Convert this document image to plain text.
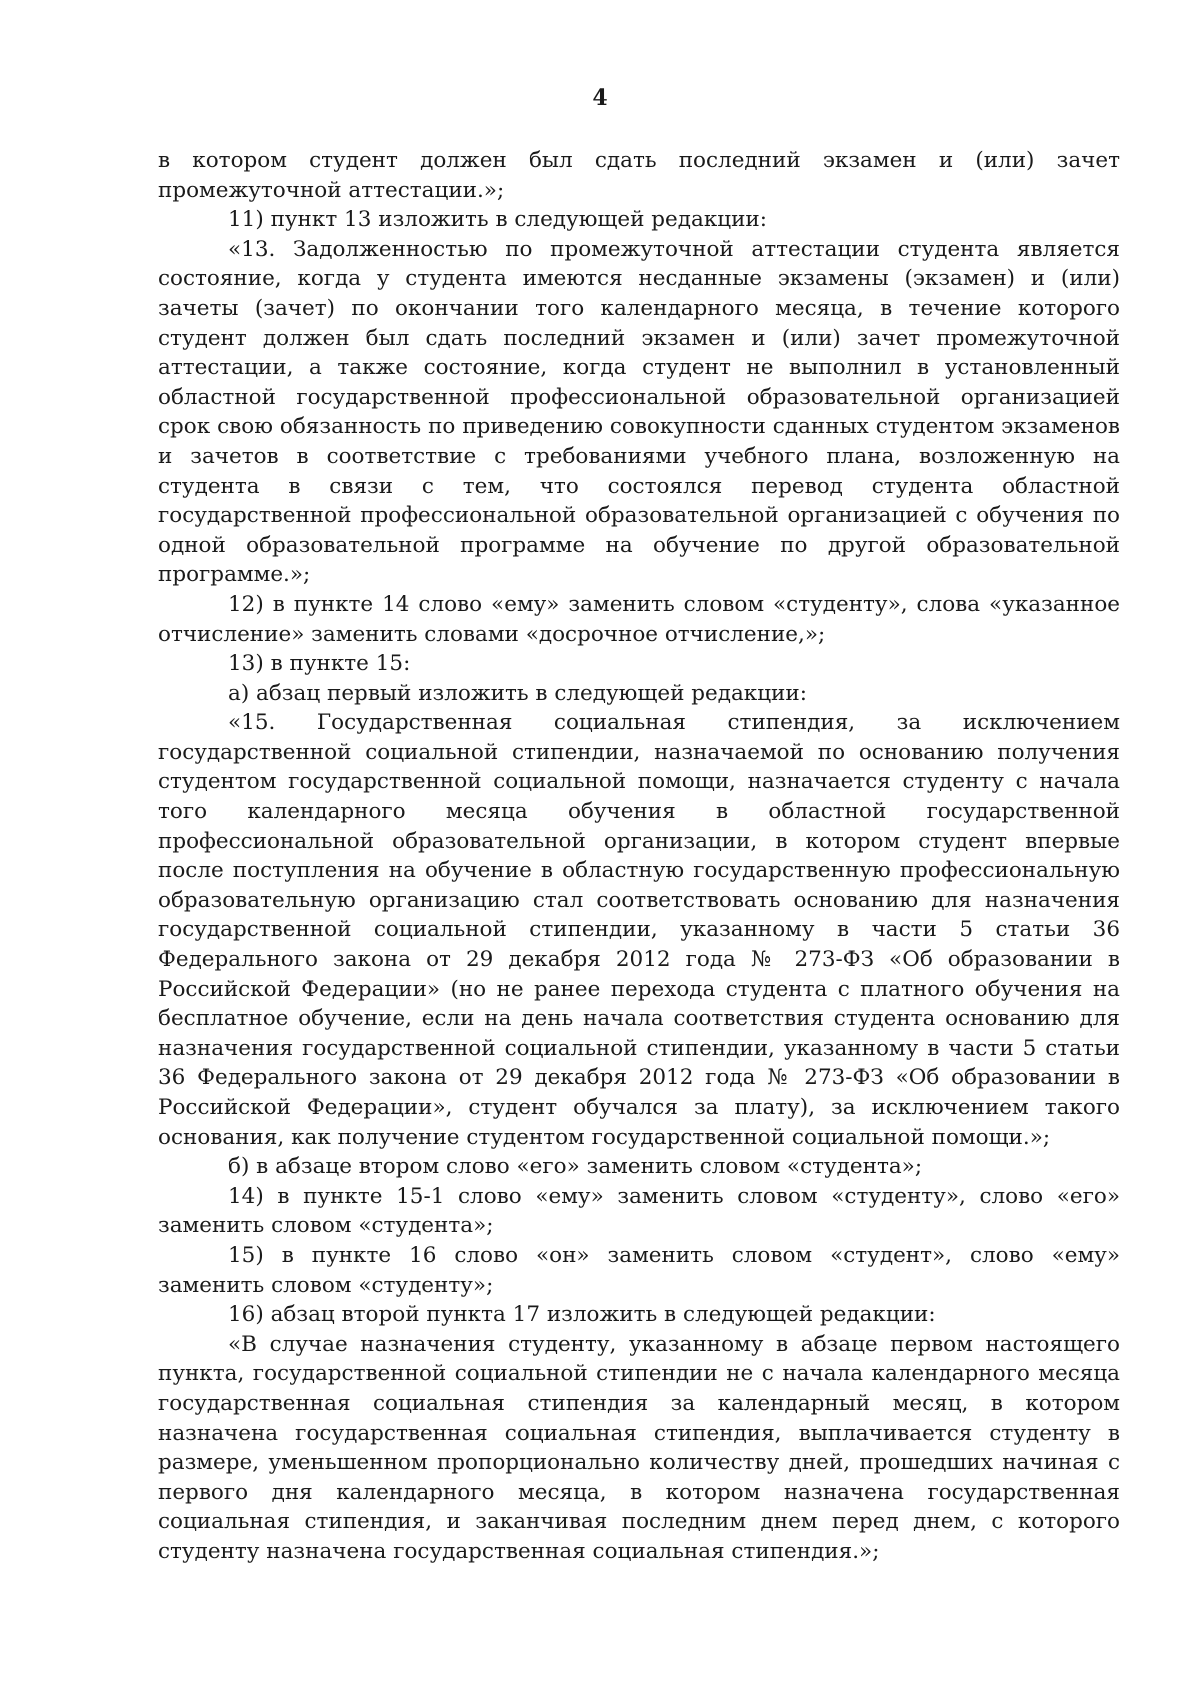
4

в котором студент должен был сдать последний экзамен и (или) зачет промежуточной аттестации.»;

11) пункт 13 изложить в следующей редакции:

«13. Задолженностью по промежуточной аттестации студента является состояние, когда у студента имеются несданные экзамены (экзамен) и (или) зачеты (зачет) по окончании того календарного месяца, в течение которого студент должен был сдать последний экзамен и (или) зачет промежуточной аттестации, а также состояние, когда студент не выполнил в установленный областной государственной профессиональной образовательной организацией срок свою обязанность по приведению совокупности сданных студентом экзаменов и зачетов в соответствие с требованиями учебного плана, возложенную на студента в связи с тем, что состоялся перевод студента областной государственной профессиональной образовательной организацией с обучения по одной образовательной программе на обучение по другой образовательной программе.»;

12) в пункте 14 слово «ему» заменить словом «студенту», слова «указанное отчисление» заменить словами «досрочное отчисление,»;

13) в пункте 15:

а) абзац первый изложить в следующей редакции:

«15. Государственная социальная стипендия, за исключением государственной социальной стипендии, назначаемой по основанию получения студентом государственной социальной помощи, назначается студенту с начала того календарного месяца обучения в областной государственной профессиональной образовательной организации, в котором студент впервые после поступления на обучение в областную государственную профессиональную образовательную организацию стал соответствовать основанию для назначения государственной социальной стипендии, указанному в части 5 статьи 36 Федерального закона от 29 декабря 2012 года № 273-ФЗ «Об образовании в Российской Федерации» (но не ранее перехода студента с платного обучения на бесплатное обучение, если на день начала соответствия студента основанию для назначения государственной социальной стипендии, указанному в части 5 статьи 36 Федерального закона от 29 декабря 2012 года № 273-ФЗ «Об образовании в Российской Федерации», студент обучался за плату), за исключением такого основания, как получение студентом государственной социальной помощи.»;

б) в абзаце втором слово «его» заменить словом «студента»;

14) в пункте 15-1 слово «ему» заменить словом «студенту», слово «его» заменить словом «студента»;

15) в пункте 16 слово «он» заменить словом «студент», слово «ему» заменить словом «студенту»;

16) абзац второй пункта 17 изложить в следующей редакции:

«В случае назначения студенту, указанному в абзаце первом настоящего пункта, государственной социальной стипендии не с начала календарного месяца государственная социальная стипендия за календарный месяц, в котором назначена государственная социальная стипендия, выплачивается студенту в размере, уменьшенном пропорционально количеству дней, прошедших начиная с первого дня календарного месяца, в котором назначена государственная социальная стипендия, и заканчивая последним днем перед днем, с которого студенту назначена государственная социальная стипендия.»;
